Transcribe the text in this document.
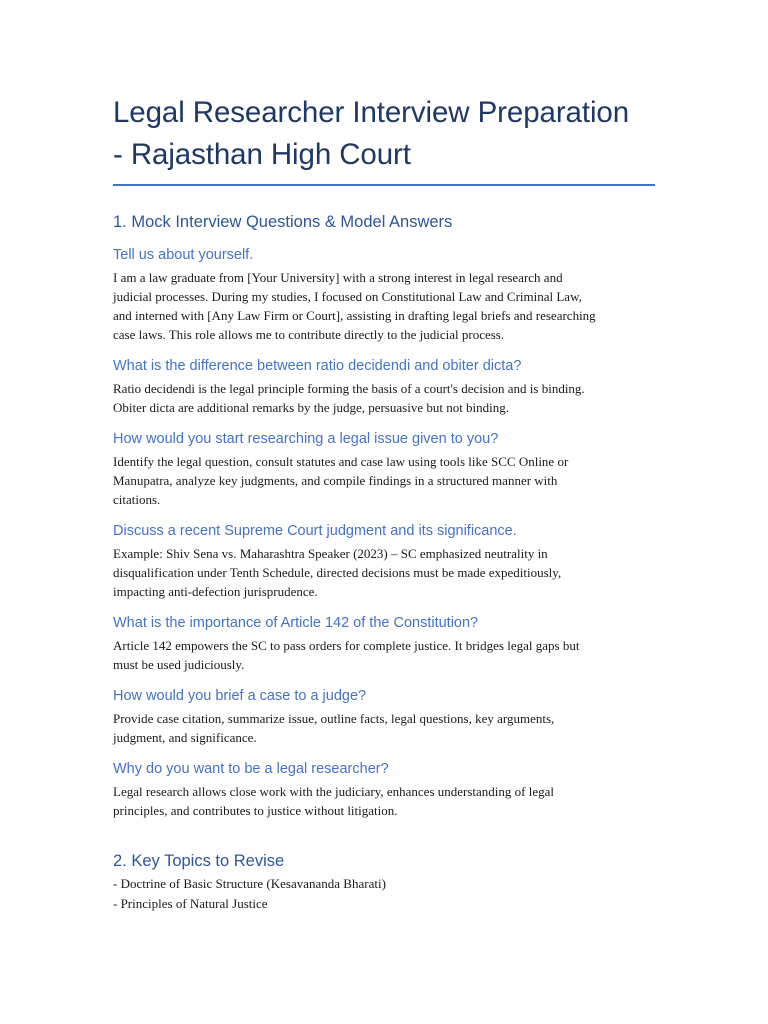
Legal Researcher Interview Preparation
- Rajasthan High Court
1. Mock Interview Questions & Model Answers
Tell us about yourself.

I am a law graduate from [Your University] with a strong interest in legal research and
judicial processes. During my studies, I focused on Constitutional Law and Criminal Law,
and interned with [Any Law Firm or Court], assisting in drafting legal briefs and researching
case laws. This role allows me to contribute directly to the judicial process.

What is the difference between ratio decidendi and obiter dicta?

Ratio decidendi is the legal principle forming the basis of a court's decision and is binding.
Obiter dicta are additional remarks by the judge, persuasive but not binding.

How would you start researching a legal issue given to you?

Identify the legal question, consult statutes and case law using tools like SCC Online or
Manupatra, analyze key judgments, and compile findings in a structured manner with
citations.

Discuss a recent Supreme Court judgment and its significance.

Example: Shiv Sena vs. Maharashtra Speaker (2023) – SC emphasized neutrality in
disqualification under Tenth Schedule, directed decisions must be made expeditiously,
impacting anti-defection jurisprudence.

What is the importance of Article 142 of the Constitution?

Article 142 empowers the SC to pass orders for complete justice. It bridges legal gaps but
must be used judiciously.

How would you brief a case to a judge?

Provide case citation, summarize issue, outline facts, legal questions, key arguments,
judgment, and significance.

Why do you want to be a legal researcher?

Legal research allows close work with the judiciary, enhances understanding of legal
principles, and contributes to justice without litigation.

2. Key Topics to Revise

- Doctrine of Basic Structure (Kesavananda Bharati)

- Principles of Natural Justice
